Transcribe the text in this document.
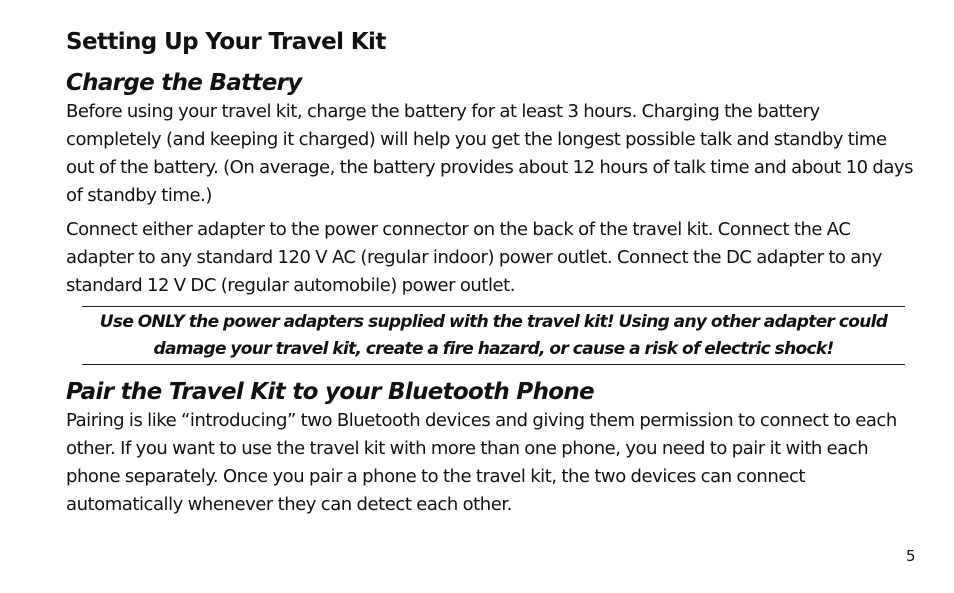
Setting Up Your Travel Kit
Charge the Battery

Before using your travel kit, charge the battery for at least 3 hours. Charging the battery completely (and keeping it charged) will help you get the longest possible talk and standby time out of the battery. (On average, the battery provides about 12 hours of talk time and about 10 days of standby time.)

Connect either adapter to the power connector on the back of the travel kit. Connect the AC adapter to any standard 120 V AC (regular indoor) power outlet. Connect the DC adapter to any standard 12 V DC (regular automobile) power outlet.

Use ONLY the power adapters supplied with the travel kit! Using any other adapter could damage your travel kit, create a fire hazard, or cause a risk of electric shock!
Pair the Travel Kit to your Bluetooth Phone

Pairing is like “introducing” two Bluetooth devices and giving them permission to connect to each other. If you want to use the travel kit with more than one phone, you need to pair it with each phone separately. Once you pair a phone to the travel kit, the two devices can connect automatically whenever they can detect each other.

5
